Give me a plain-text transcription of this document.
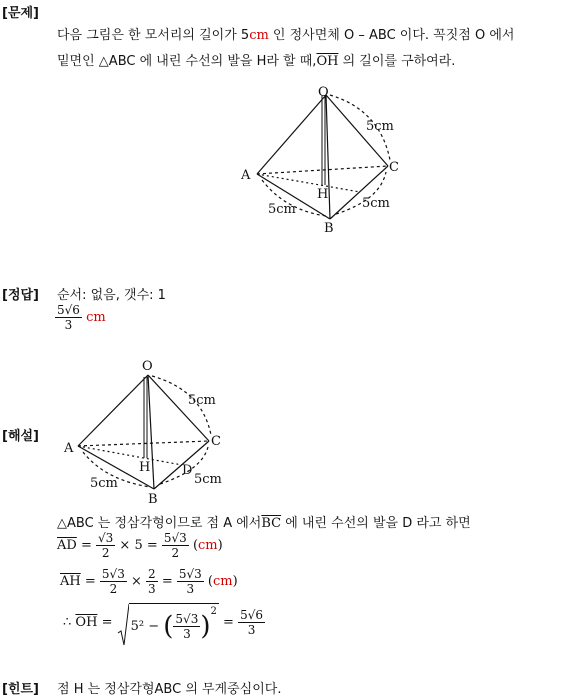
[문제]
다음 그림은 한 모서리의 길이가 5cm 인 정사면체 O – ABC 이다. 꼭짓점 O 에서
밑면인 △ABC 에 내린 수선의 발을 H라 할 때$,\overline{OH}$ 의 길이를 구하여라.
O
A
B
C
H
5cm
5cm	5cm
[정답] 순서: 없음, 갯수: 1
$\frac{5√6}{3}$ cm
[해설]
O
A
B
C
H D
5cm
5cm	5cm
△ABC 는 정삼각형이므로 점 A 에서$\overline{BC}$ 에 내린 수선의 발을 D 라고 하면
$\overline{AD} = \frac{√3}{2} \times 5 = \frac{5√3}{2} (cm)$
$\overline{AH} = \frac{5√3}{2} \times \frac{2}{3} = \frac{5√3}{3} (cm)$
∴ $\overline{OH} = 5^2$ − ( $\frac{5√3}{3} )^2 = \frac{5√6}{3}$
[힌트] 점 H 는 정삼각형ABC 의 무게중심이다.
